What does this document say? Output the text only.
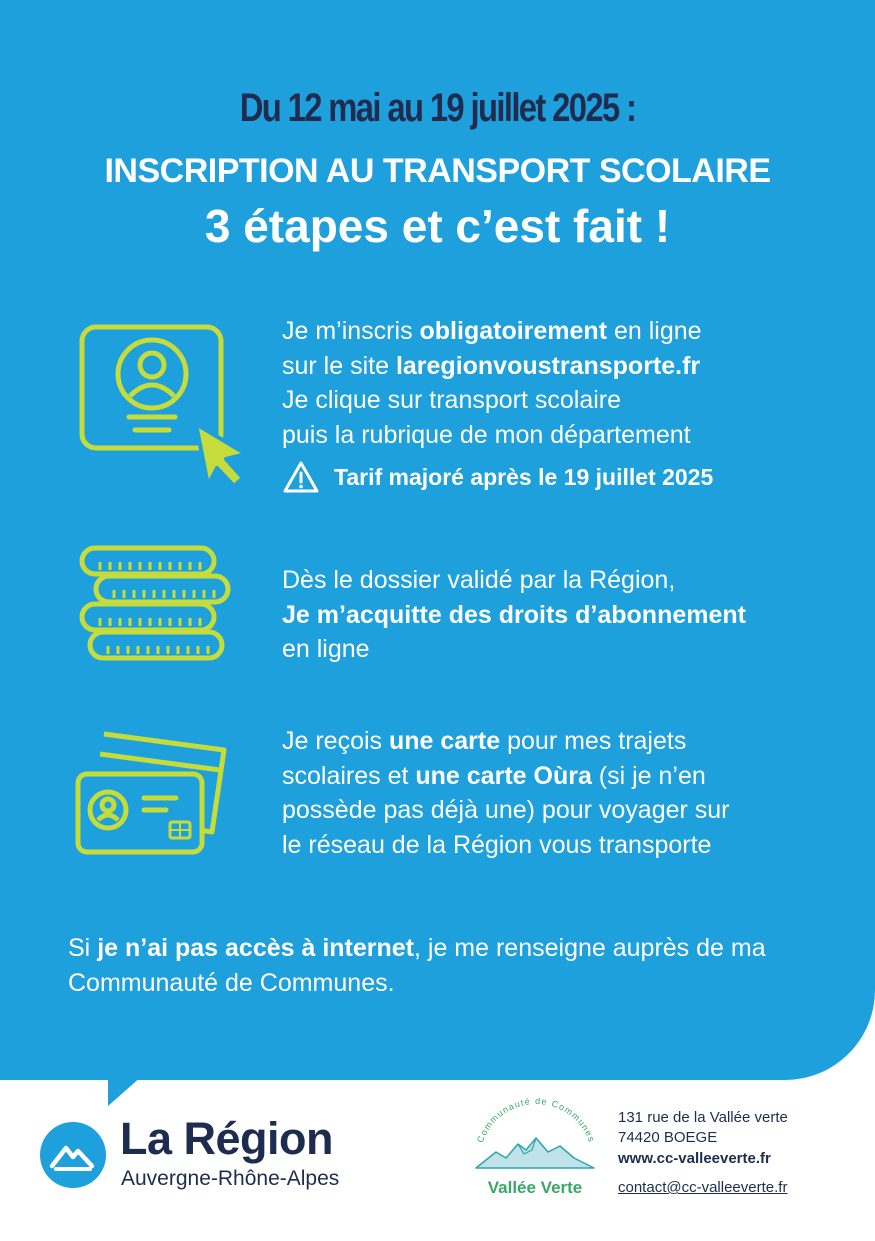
Du 12 mai au 19 juillet 2025 :
INSCRIPTION AU TRANSPORT SCOLAIRE
3 étapes et c’est fait !
Je m’inscris obligatoirement en ligne
sur le site laregionvoustransporte.fr
Je clique sur transport scolaire
puis la rubrique de mon département
Tarif majoré après le 19 juillet 2025
Dès le dossier validé par la Région,
Je m’acquitte des droits d’abonnement
en ligne
Je reçois une carte pour mes trajets
scolaires et une carte Oùra (si je n’en
possède pas déjà une) pour voyager sur
le réseau de la Région vous transporte
Si je n’ai pas accès à internet, je me renseigne auprès de ma Communauté de Communes.
La Région
Auvergne-Rhône-Alpes
Communauté de Communes
Vallée Verte
131 rue de la Vallée verte
74420 BOEGE
www.cc-valleeverte.fr
contact@cc-valleeverte.fr
